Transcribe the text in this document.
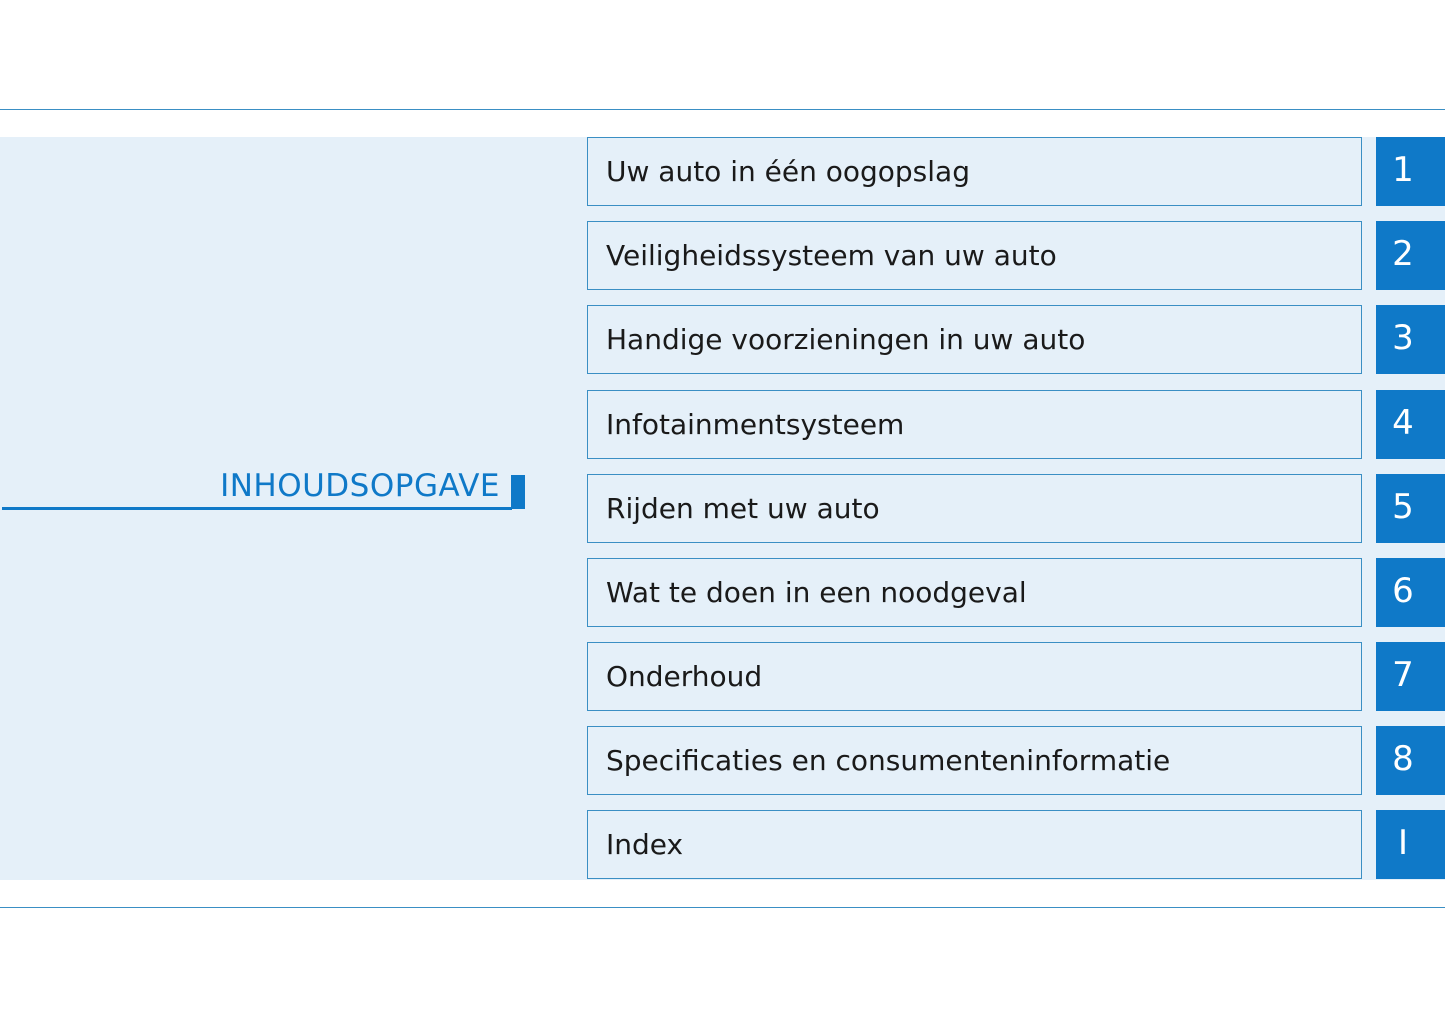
INHOUDSOPGAVE
Uw auto in één oogopslag	1
Veiligheidssysteem van uw auto	2
Handige voorzieningen in uw auto	3
Infotainmentsysteem	4
Rijden met uw auto	5
Wat te doen in een noodgeval	6
Onderhoud	7
Specificaties en consumenteninformatie	8
Index	I
